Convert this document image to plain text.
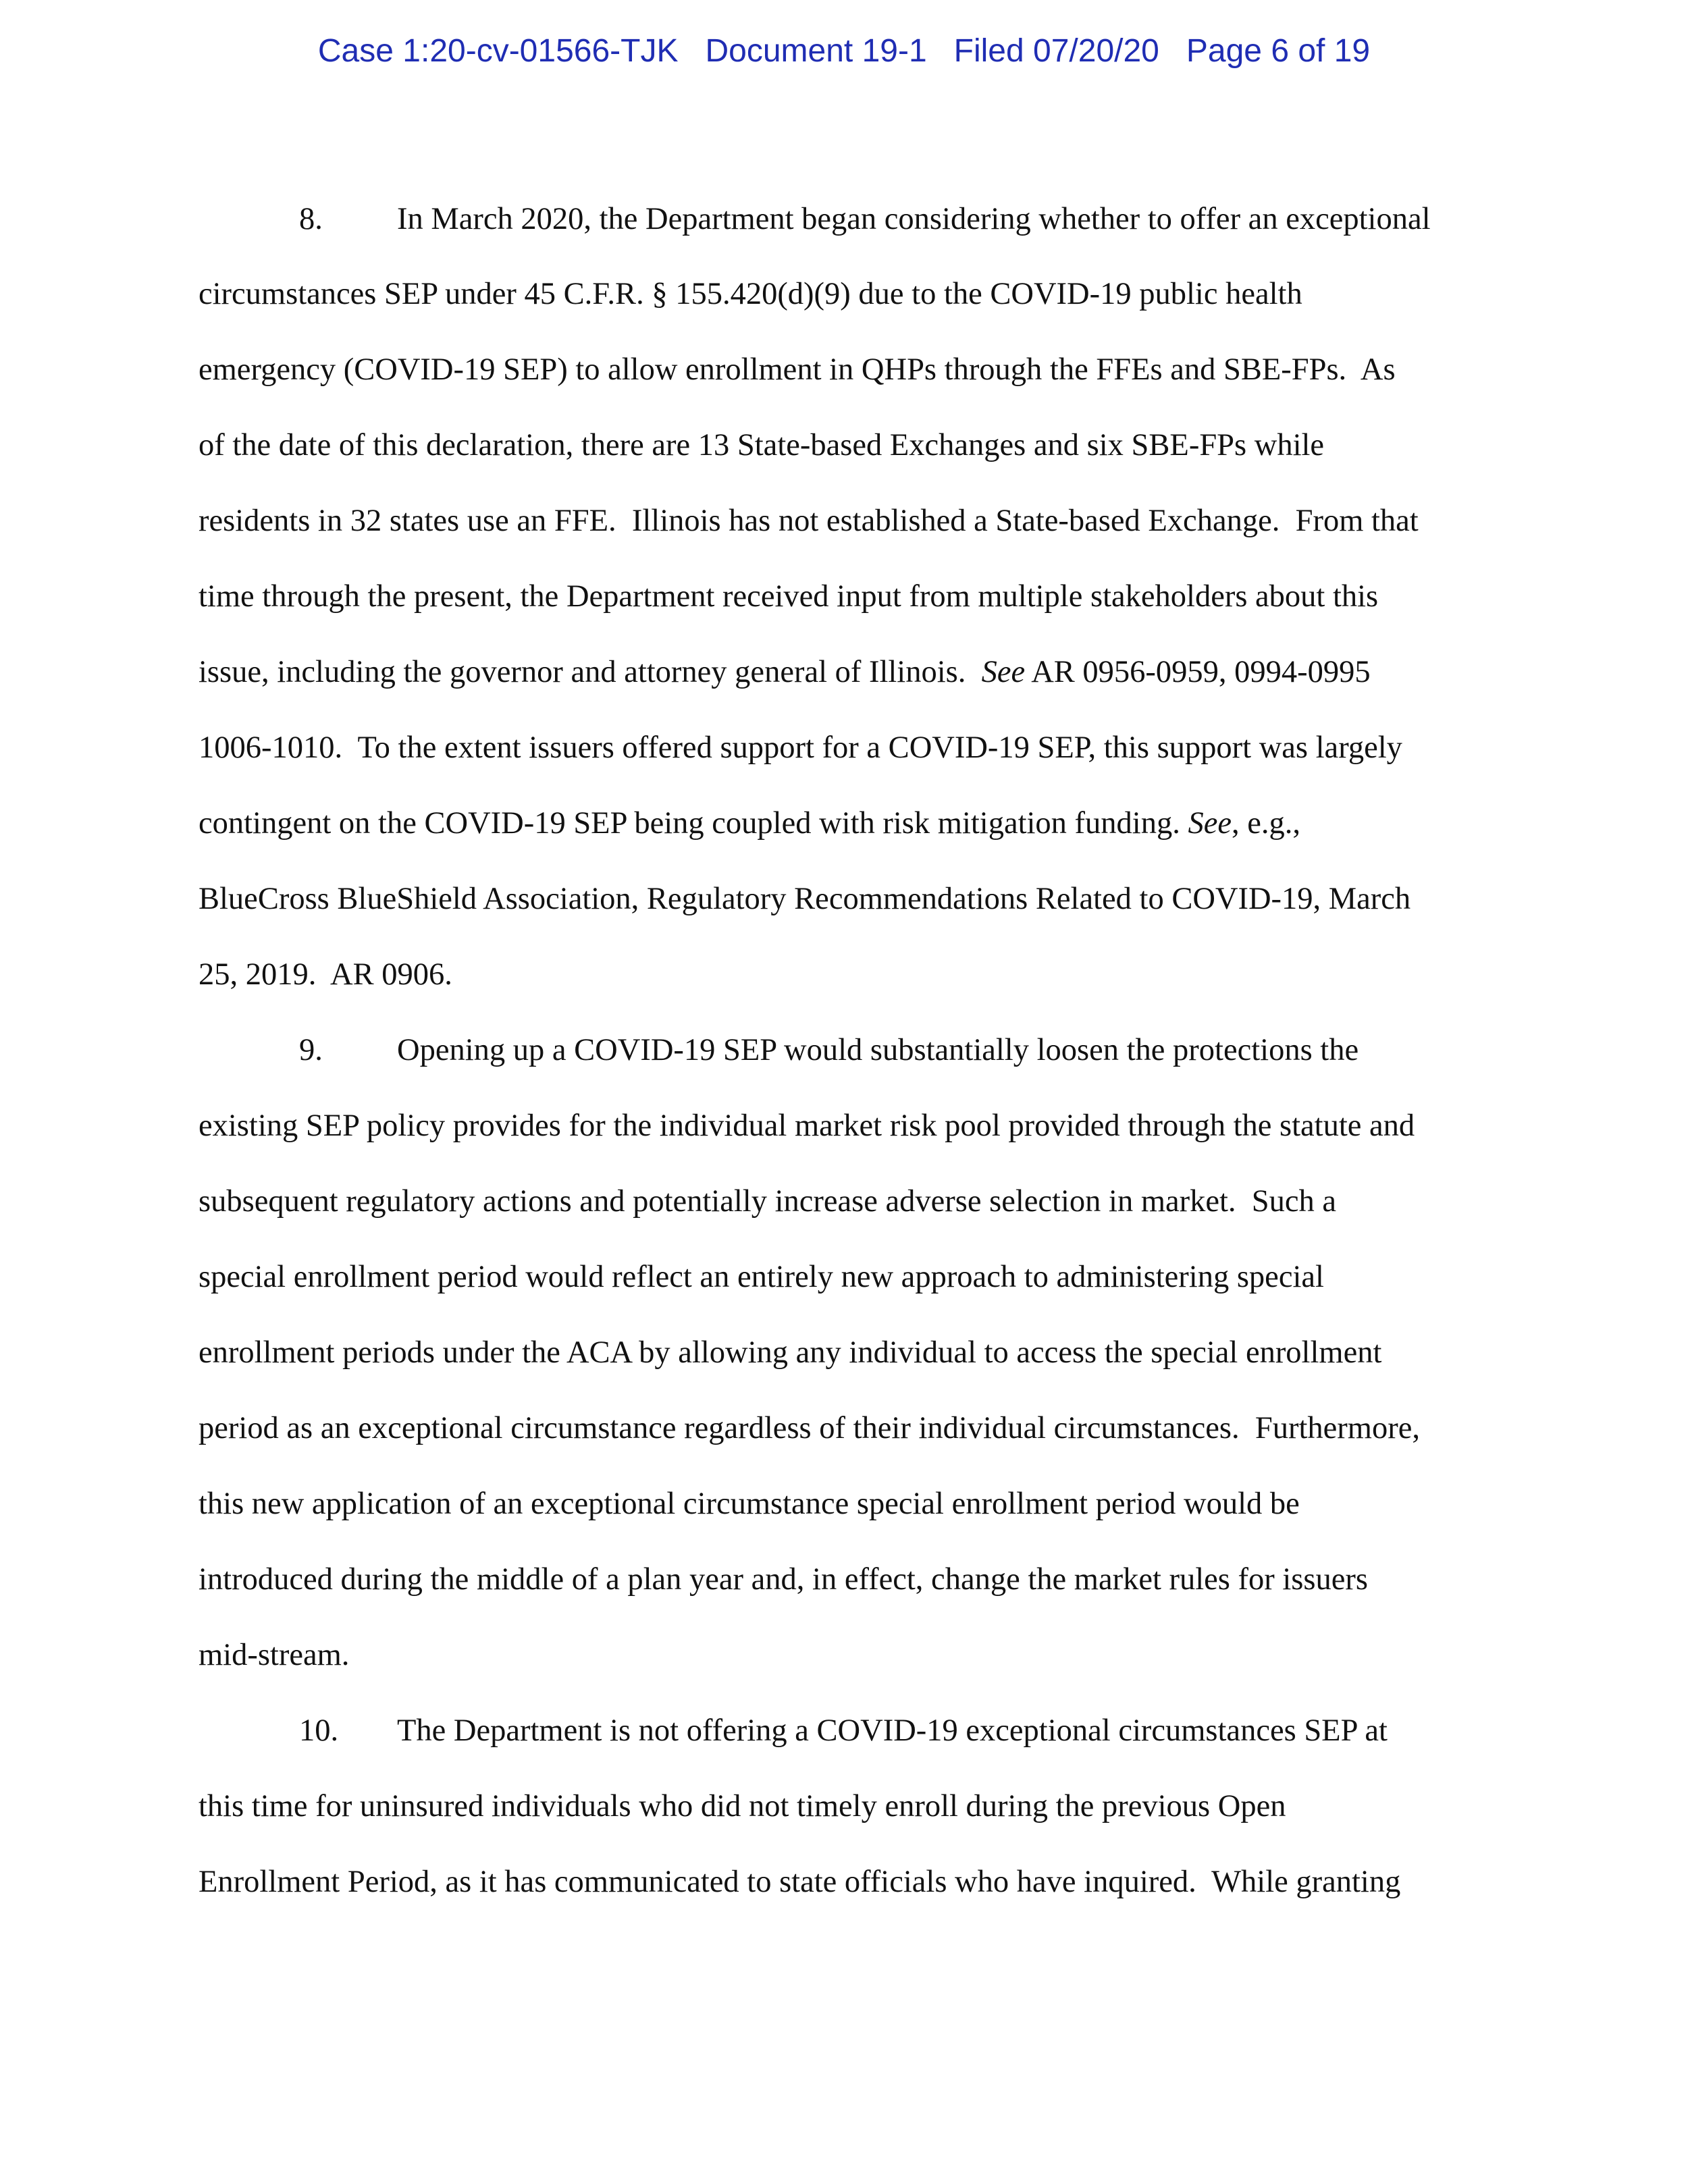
Case 1:20-cv-01566-TJK   Document 19-1   Filed 07/20/20   Page 6 of 19
8. In March 2020, the Department began considering whether to offer an exceptional
circumstances SEP under 45 C.F.R. § 155.420(d)(9) due to the COVID-19 public health
emergency (COVID-19 SEP) to allow enrollment in QHPs through the FFEs and SBE-FPs.  As
of the date of this declaration, there are 13 State-based Exchanges and six SBE-FPs while
residents in 32 states use an FFE.  Illinois has not established a State-based Exchange.  From that
time through the present, the Department received input from multiple stakeholders about this
issue, including the governor and attorney general of Illinois.  See AR 0956-0959, 0994-0995
1006-1010.  To the extent issuers offered support for a COVID-19 SEP, this support was largely
contingent on the COVID-19 SEP being coupled with risk mitigation funding. See, e.g.,
BlueCross BlueShield Association, Regulatory Recommendations Related to COVID-19, March
25, 2019.  AR 0906.
9. Opening up a COVID-19 SEP would substantially loosen the protections the
existing SEP policy provides for the individual market risk pool provided through the statute and
subsequent regulatory actions and potentially increase adverse selection in market.  Such a
special enrollment period would reflect an entirely new approach to administering special
enrollment periods under the ACA by allowing any individual to access the special enrollment
period as an exceptional circumstance regardless of their individual circumstances.  Furthermore,
this new application of an exceptional circumstance special enrollment period would be
introduced during the middle of a plan year and, in effect, change the market rules for issuers
mid-stream.
10. The Department is not offering a COVID-19 exceptional circumstances SEP at
this time for uninsured individuals who did not timely enroll during the previous Open
Enrollment Period, as it has communicated to state officials who have inquired.  While granting
